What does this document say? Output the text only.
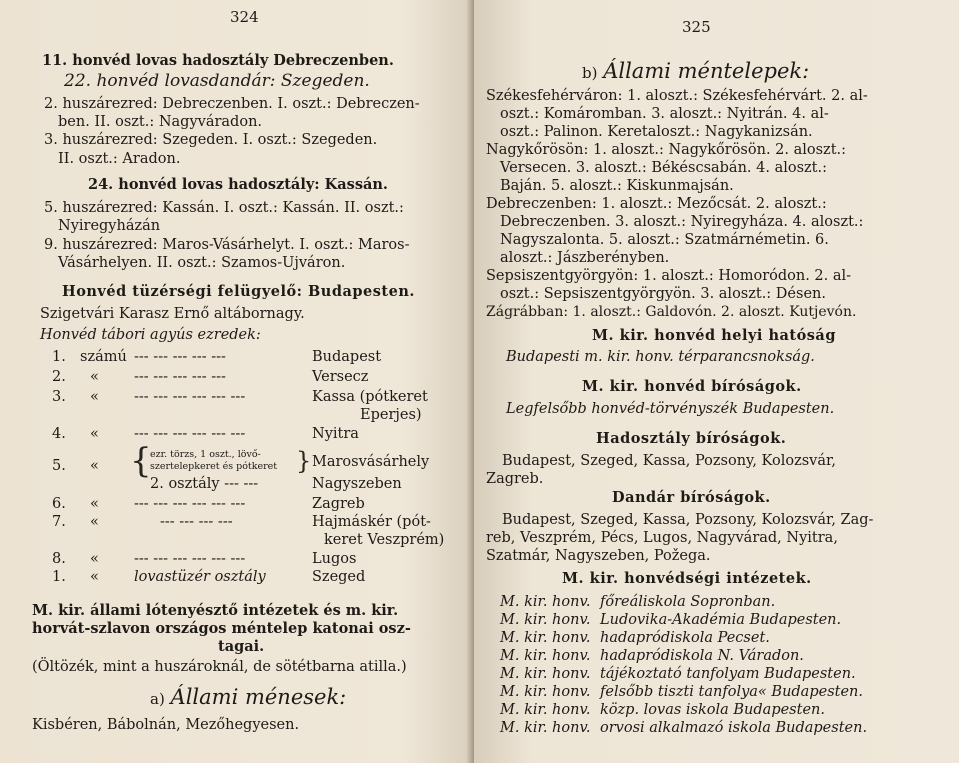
324
11. honvéd lovas hadosztály Debreczenben.
22. honvéd lovasdandár: Szegeden.
2. huszárezred: Debreczenben. I. oszt.: Debreczen-
ben. II. oszt.: Nagyváradon.
3. huszárezred: Szegeden. I. oszt.: Szegeden.
II. oszt.: Aradon.
24. honvéd lovas hadosztály: Kassán.
5. huszárezred: Kassán. I. oszt.: Kassán. II. oszt.:
Nyiregyházán
9. huszárezred: Maros-Vásárhelyt. I. oszt.: Maros-
Vásárhelyen. II. oszt.: Szamos-Ujváron.
Honvéd tüzérségi felügyelő: Budapesten.
Szigetvári Karasz Ernő altábornagy.
Honvéd tábori agyús ezredek:
1. számú --- --- --- --- ---	Budapest
2. « --- --- --- --- ---	Versecz
3. « --- --- --- --- --- ---	Kassa (pótkeret
Eperjes)
4. « --- --- --- --- --- ---	Nyitra
5. « {
ezr. törzs, 1 oszt., lövő-
szertelepkeret és pótkeret } Marosvásárhely
2. osztály --- ---	Nagyszeben
6. « --- --- --- --- --- ---	Zagreb
7. «	--- --- --- ---	Hajmáskér (pót-
keret Veszprém)
8. « --- --- --- --- --- ---	Lugos
1. « lovastüzér osztály	Szeged
M. kir. állami lótenyésztő intézetek és m. kir.
horvát-szlavon országos méntelep katonai osz-
tagai.
(Öltözék, mint a huszároknál, de sötétbarna atilla.)
a) Állami ménesek:
Kisbéren, Bábolnán, Mezőhegyesen.
325
b) Állami méntelepek:
Székesfehérváron: 1. aloszt.: Székesfehérvárt. 2. al-
oszt.: Komáromban. 3. aloszt.: Nyitrán. 4. al-
oszt.: Palinon. Keretaloszt.: Nagykanizsán.
Nagykőrösön: 1. aloszt.: Nagykőrösön. 2. aloszt.:
Versecen. 3. aloszt.: Békéscsabán. 4. aloszt.:
Baján. 5. aloszt.: Kiskunmajsán.
Debreczenben: 1. aloszt.: Mezőcsát. 2. aloszt.:
Debreczenben. 3. aloszt.: Nyiregyháza. 4. aloszt.:
Nagyszalonta. 5. aloszt.: Szatmárnémetin. 6.
aloszt.: Jászberényben.
Sepsiszentgyörgyön: 1. aloszt.: Homoródon. 2. al-
oszt.: Sepsiszentgyörgyön. 3. aloszt.: Désen.
Zágrábban: 1. aloszt.: Galdovón. 2. aloszt. Kutjevón.
M. kir. honvéd helyi hatóság
Budapesti m. kir. honv. térparancsnokság.
M. kir. honvéd bíróságok.
Legfelsőbb honvéd-törvényszék Budapesten.
Hadosztály bíróságok.
Budapest, Szeged, Kassa, Pozsony, Kolozsvár,
Zagreb.
Dandár bíróságok.
Budapest, Szeged, Kassa, Pozsony, Kolozsvár, Zag-
reb, Veszprém, Pécs, Lugos, Nagyvárad, Nyitra,
Szatmár, Nagyszeben, Požega.
M. kir. honvédségi intézetek.
M. kir. honv. főreáliskola Sopronban.
M. kir. honv. Ludovika-Akadémia Budapesten.
M. kir. honv. hadapródiskola Pecset.
M. kir. honv. hadapródiskola N. Váradon.
M. kir. honv. tájékoztató tanfolyam Budapesten.
M. kir. honv. felsőbb tiszti tanfolya« Budapesten.
M. kir. honv. közp. lovas iskola Budapesten.
M. kir. honv. orvosi alkalmazó iskola Budapesten.
